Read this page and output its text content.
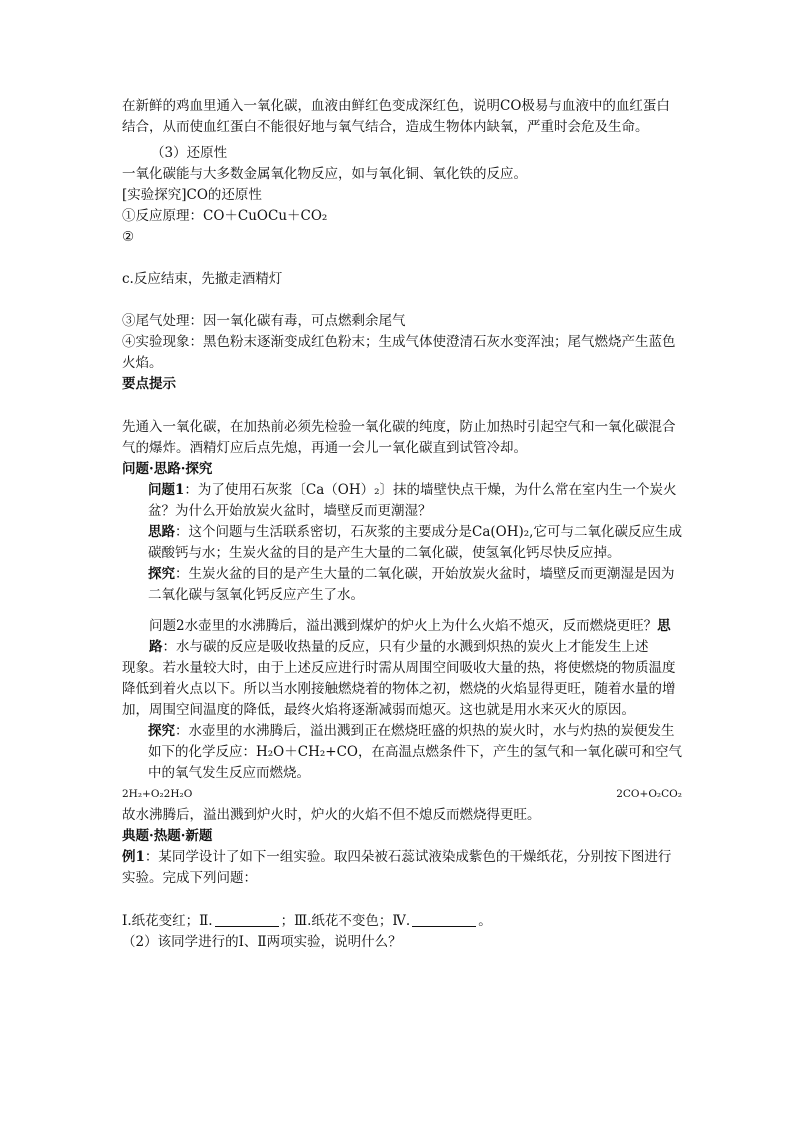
在新鲜的鸡血里通入一氧化碳，血液由鲜红色变成深红色，说明CO极易与血液中的血红蛋白结合，从而使血红蛋白不能很好地与氧气结合，造成生物体内缺氧，严重时会危及生命。

（3）还原性

一氧化碳能与大多数金属氧化物反应，如与氧化铜、氧化铁的反应。

[实验探究]CO的还原性

①反应原理：CO＋CuOCu＋CO₂

②

c.反应结束，先撤走酒精灯

③尾气处理：因一氧化碳有毒，可点燃剩余尾气

④实验现象：黑色粉末逐渐变成红色粉末；生成气体使澄清石灰水变浑浊；尾气燃烧产生蓝色火焰。

要点提示

先通入一氧化碳，在加热前必须先检验一氧化碳的纯度，防止加热时引起空气和一氧化碳混合气的爆炸。酒精灯应后点先熄，再通一会儿一氧化碳直到试管冷却。

问题·思路·探究

问题1：为了使用石灰浆〔Ca（OH）₂〕抹的墙壁快点干燥，为什么常在室内生一个炭火盆？为什么开始放炭火盆时，墙壁反而更潮湿？

思路：这个问题与生活联系密切，石灰浆的主要成分是Ca(OH)₂,它可与二氧化碳反应生成碳酸钙与水；生炭火盆的目的是产生大量的二氧化碳，使氢氧化钙尽快反应掉。

探究：生炭火盆的目的是产生大量的二氧化碳，开始放炭火盆时，墙壁反而更潮湿是因为二氧化碳与氢氧化钙反应产生了水。

问题2水壶里的水沸腾后，溢出溅到煤炉的炉火上为什么火焰不熄灭，反而燃烧更旺？思路：水与碳的反应是吸收热量的反应，只有少量的水溅到炽热的炭火上才能发生上述

现象。若水量较大时，由于上述反应进行时需从周围空间吸收大量的热，将使燃烧的物质温度降低到着火点以下。所以当水刚接触燃烧着的物体之初，燃烧的火焰显得更旺，随着水量的增加，周围空间温度的降低，最终火焰将逐渐减弱而熄灭。这也就是用水来灭火的原因。

探究：水壶里的水沸腾后，溢出溅到正在燃烧旺盛的炽热的炭火时，水与灼热的炭便发生如下的化学反应：H₂O＋CH₂+CO，在高温点燃条件下，产生的氢气和一氧化碳可和空气中的氧气发生反应而燃烧。

2H₂+O₂2H₂O	2CO+O₂CO₂

故水沸腾后，溢出溅到炉火时，炉火的火焰不但不熄反而燃烧得更旺。

典题·热题·新题

例1：某同学设计了如下一组实验。取四朵被石蕊试液染成紫色的干燥纸花，分别按下图进行实验。完成下列问题：

Ⅰ.纸花变红；Ⅱ.	；Ⅲ.纸花不变色；Ⅳ.	。

（2）该同学进行的Ⅰ、Ⅱ两项实验，说明什么？
